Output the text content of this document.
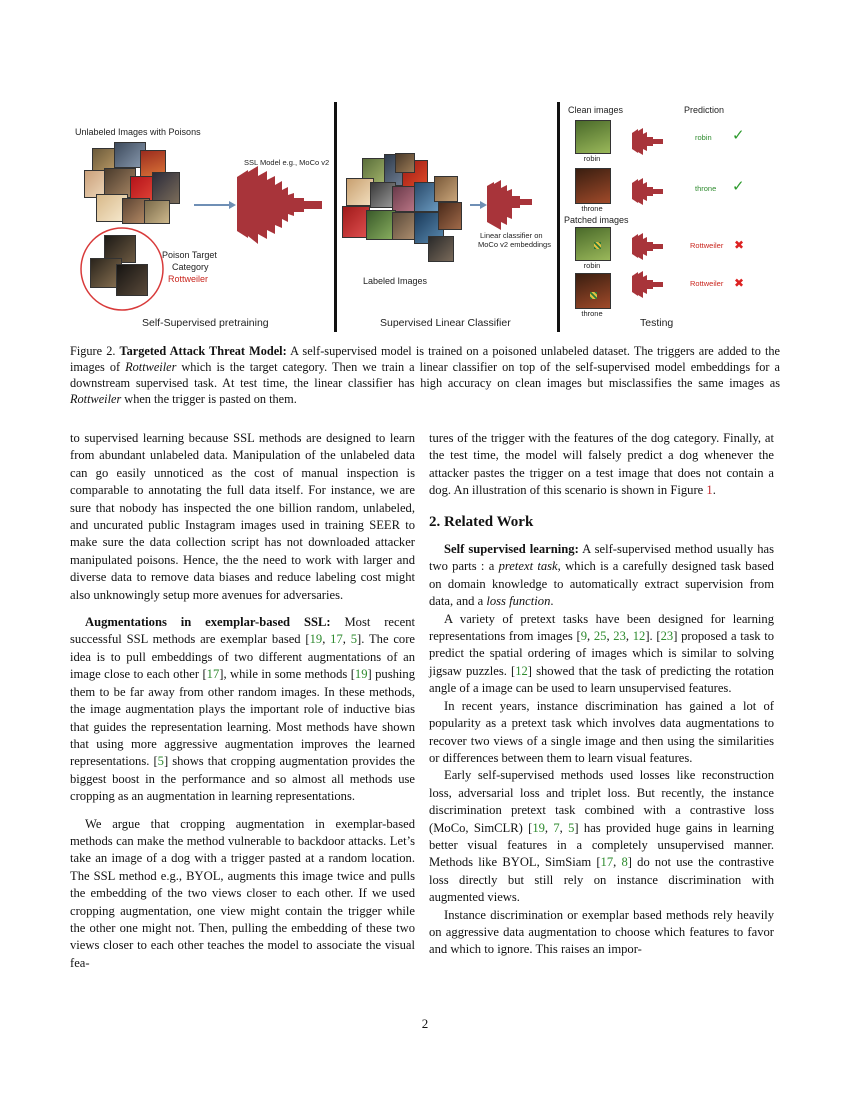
Unlabeled Images with Poisons
Poison Target
Category
Rottweiler
SSL Model e.g., MoCo v2
Self-Supervised pretraining
Labeled Images
Linear classifier on
MoCo v2 embeddings
Supervised Linear Classifier
Clean images	Prediction
robin
robin ✓
throne
throne ✓
Patched images
robin
Rottweiler ✖
throne
Rottweiler ✖
Testing
Figure 2. Targeted Attack Threat Model: A self-supervised model is trained on a poisoned unlabeled dataset. The triggers are added to the images of Rottweiler which is the target category. Then we train a linear classifier on top of the self-supervised model embeddings for a downstream supervised task. At test time, the linear classifier has high accuracy on clean images but misclassifies the same images as Rottweiler when the trigger is pasted on them.

to supervised learning because SSL methods are designed to learn from abundant unlabeled data. Manipulation of the unlabeled data can go easily unnoticed as the cost of manual inspection is comparable to annotating the full data itself. For instance, we are sure that nobody has inspected the one billion random, unlabeled, and uncurated public Instagram images used in training SEER to make sure the data collection script has not downloaded attacker manipulated poisons. Hence, the the need to work with larger and diverse data to remove data biases and reduce labeling cost might also unknowingly setup more avenues for adversaries.

Augmentations in exemplar-based SSL: Most recent successful SSL methods are exemplar based [19, 17, 5]. The core idea is to pull embeddings of two different augmentations of an image close to each other [17], while in some methods [19] pushing them to be far away from other random images. In these methods, the image augmentation plays the important role of inductive bias that guides the representation learning. Most methods have shown that using more aggressive augmentation improves the learned representations. [5] shows that cropping augmentation provides the biggest boost in the performance and so almost all methods use cropping as an augmentation in learning representations.

We argue that cropping augmentation in exemplar-based methods can make the method vulnerable to backdoor attacks. Let’s take an image of a dog with a trigger pasted at a random location. The SSL method e.g., BYOL, augments this image twice and pulls the embedding of the two views closer to each other. If we used cropping augmentation, one view might contain the trigger while the other one might not. Then, pulling the embedding of these two views closer to each other teaches the model to associate the visual fea-

tures of the trigger with the features of the dog category. Finally, at the test time, the model will falsely predict a dog whenever the attacker pastes the trigger on a test image that does not contain a dog. An illustration of this scenario is shown in Figure 1.

2. Related Work

Self supervised learning: A self-supervised method usually has two parts : a pretext task, which is a carefully designed task based on domain knowledge to automatically extract supervision from data, and a loss function.

A variety of pretext tasks have been designed for learning representations from images [9, 25, 23, 12]. [23] proposed a task to predict the spatial ordering of images which is similar to solving jigsaw puzzles. [12] showed that the task of predicting the rotation angle of a image can be used to learn unsupervised features.

In recent years, instance discrimination has gained a lot of popularity as a pretext task which involves data augmentations to recover two views of a single image and then using the similarities or differences between them to learn visual features.

Early self-supervised methods used losses like reconstruction loss, adversarial loss and triplet loss. But recently, the instance discrimination pretext task combined with a contrastive loss (MoCo, SimCLR) [19, 7, 5] has provided huge gains in learning better visual features in a completely unsupervised manner. Methods like BYOL, SimSiam [17, 8] do not use the contrastive loss directly but still rely on instance discrimination with augmented views.

Instance discrimination or exemplar based methods rely heavily on aggressive data augmentation to choose which features to favor and which to ignore. This raises an impor-

2
